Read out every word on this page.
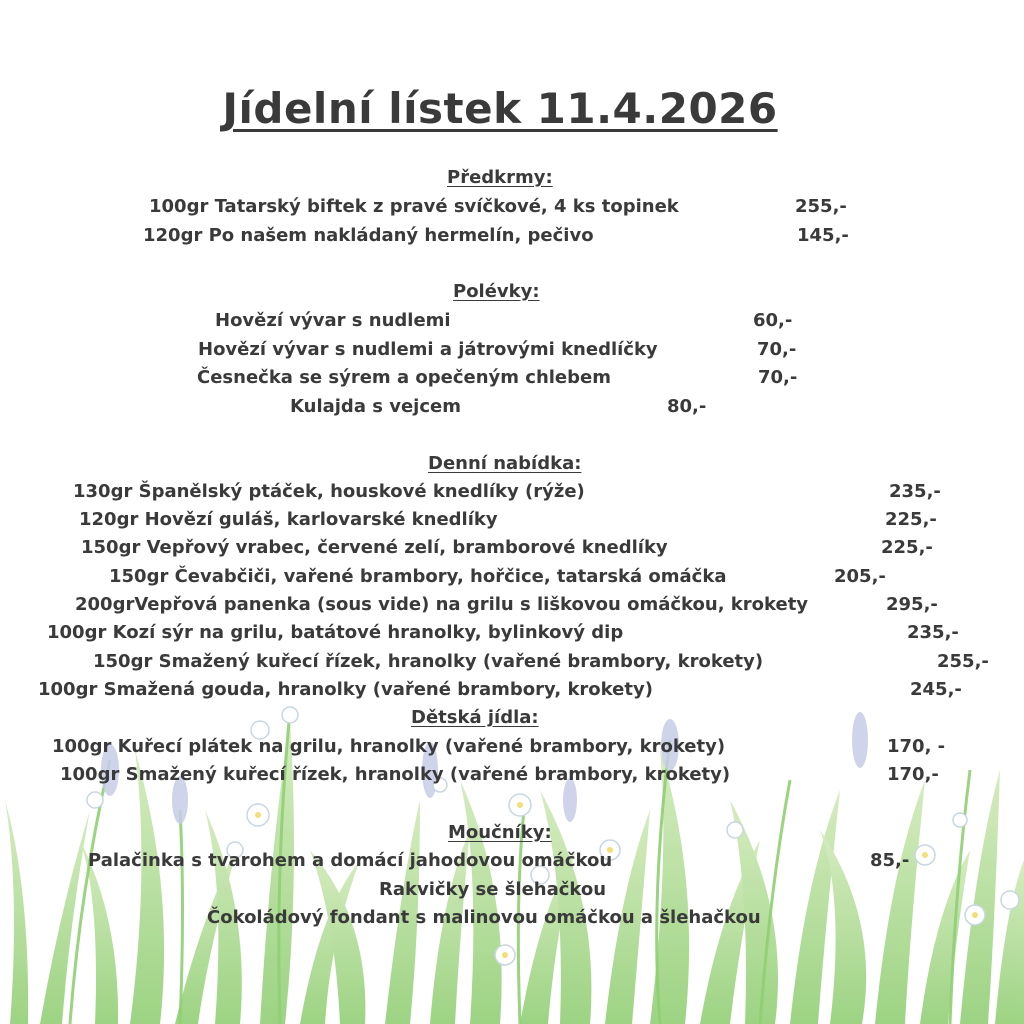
Jídelní lístek 11.4.2026
Předkrmy:
100gr Tatarský biftek z pravé svíčkové, 4 ks topinek	255,-
120gr Po našem nakládaný hermelín, pečivo	145,-
Polévky:
Hovězí vývar s nudlemi	60,-
Hovězí vývar s nudlemi a játrovými knedlíčky	70,-
Česnečka se sýrem a opečeným chlebem	70,-
Kulajda s vejcem	80,-
Denní nabídka:
130gr Španělský ptáček, houskové knedlíky (rýže)	235,-
120gr Hovězí guláš, karlovarské knedlíky	225,-
150gr Vepřový vrabec, červené zelí, bramborové knedlíky	225,-
150gr Čevabčiči, vařené brambory, hořčice, tatarská omáčka	205,-
200grVepřová panenka (sous vide) na grilu s liškovou omáčkou, krokety	295,-
100gr Kozí sýr na grilu, batátové hranolky, bylinkový dip	235,-
150gr Smažený kuřecí řízek, hranolky (vařené brambory, krokety)	255,-
100gr Smažená gouda, hranolky (vařené brambory, krokety)	245,-
Dětská jídla:
100gr Kuřecí plátek na grilu, hranolky (vařené brambory, krokety)	170, -
100gr Smažený kuřecí řízek, hranolky (vařené brambory, krokety)	170,-
Moučníky:
Palačinka s tvarohem a domácí jahodovou omáčkou	85,-
Rakvičky se šlehačkou
Čokoládový fondant s malinovou omáčkou a šlehačkou
